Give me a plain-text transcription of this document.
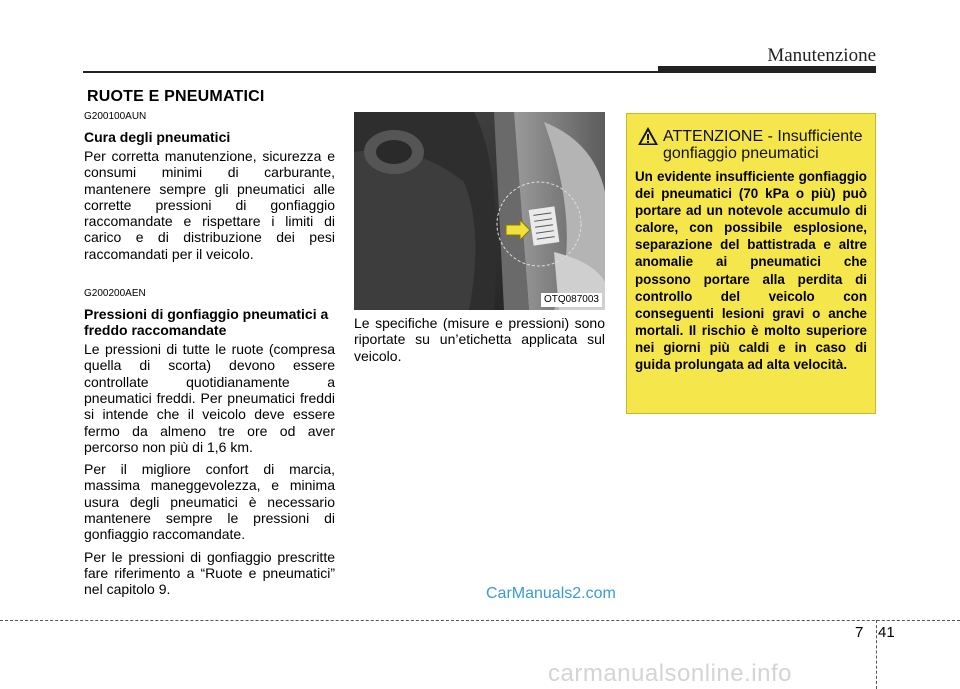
Manutenzione
RUOTE E PNEUMATICI

G200100AUN

Cura degli pneumatici

Per corretta manutenzione, sicurezza e consumi minimi di carburante, mantenere sempre gli pneumatici alle corrette pressioni di gonfiaggio raccomandate e rispettare i limiti di carico e di distribuzione dei pesi raccomandati per il veicolo.

G200200AEN

Pressioni di gonfiaggio pneumatici a freddo raccomandate

Le pressioni di tutte le ruote (compresa quella di scorta) devono essere controllate quotidianamente a pneumatici freddi. Per pneumatici freddi si intende che il veicolo deve essere fermo da almeno tre ore od aver percorso non più di 1,6 km.

Per il migliore confort di marcia, massima maneggevolezza, e minima usura degli pneumatici è necessario mantenere sempre le pressioni di gonfiaggio raccomandate.

Per le pressioni di gonfiaggio prescritte fare riferimento a “Ruote e pneumatici” nel capitolo 9.

OTQ087003

Le specifiche (misure e pressioni) sono riportate su un’etichetta applicata sul veicolo.

ATTENZIONE - Insufficiente gonfiaggio pneumatici
Un evidente insufficiente gonfiaggio dei pneumatici (70 kPa o più) può portare ad un notevole accumulo di calore, con possibile esplosione, separazione del battistrada e altre anomalie ai pneumatici che possono portare alla perdita di controllo del veicolo con conseguenti lesioni gravi o anche mortali. Il rischio è molto superiore nei giorni più caldi e in caso di guida prolungata ad alta velocità.
CarManuals2.com
7 41
carmanualsonline.info
